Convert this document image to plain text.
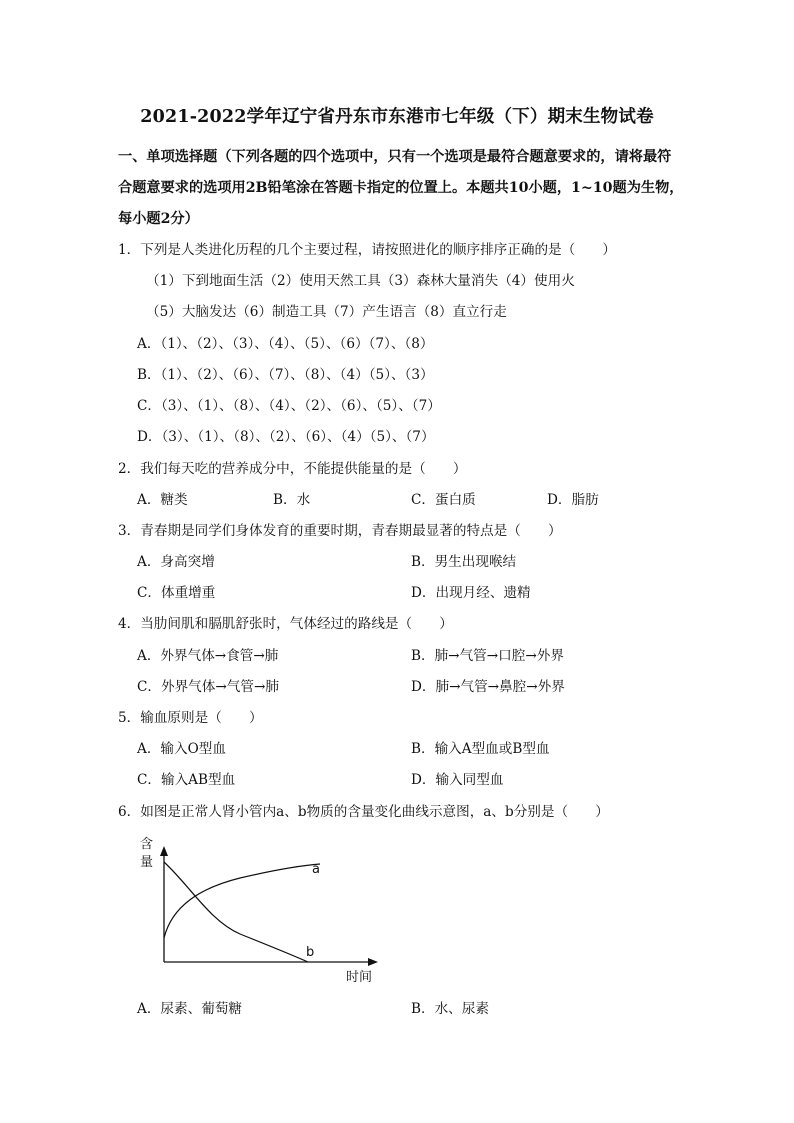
2021-2022学年辽宁省丹东市东港市七年级（下）期末生物试卷
一、单项选择题（下列各题的四个选项中，只有一个选项是最符合题意要求的，请将最符
合题意要求的选项用2B铅笔涂在答题卡指定的位置上。本题共10小题，1~10题为生物，
每小题2分）
1．下列是人类进化历程的几个主要过程，请按照进化的顺序排序正确的是（　　）
（1）下到地面生活（2）使用天然工具（3）森林大量消失（4）使用火
（5）大脑发达（6）制造工具（7）产生语言（8）直立行走
A．（1）、（2）、（3）、（4）、（5）、（6）（7）、（8）
B．（1）、（2）、（6）、（7）、（8）、（4）（5）、（3）
C．（3）、（1）、（8）、（4）、（2）、（6）、（5）、（7）
D．（3）、（1）、（8）、（2）、（6）、（4）（5）、（7）
2．我们每天吃的营养成分中，不能提供能量的是（　　）
A．糖类	B．水	C．蛋白质	D．脂肪
3．青春期是同学们身体发育的重要时期，青春期最显著的特点是（　　）
A．身高突增	B．男生出现喉结
C．体重增重	D．出现月经、遗精
4．当肋间肌和膈肌舒张时，气体经过的路线是（　　）
A．外界气体→食管→肺	B．肺→气管→口腔→外界
C．外界气体→气管→肺	D．肺→气管→鼻腔→外界
5．输血原则是（　　）
A．输入O型血	B．输入A型血或B型血
C．输入AB型血	D．输入同型血
6．如图是正常人肾小管内a、b物质的含量变化曲线示意图，a、b分别是（　　）
含
量	a
b
时间
A．尿素、葡萄糖	B．水、尿素
